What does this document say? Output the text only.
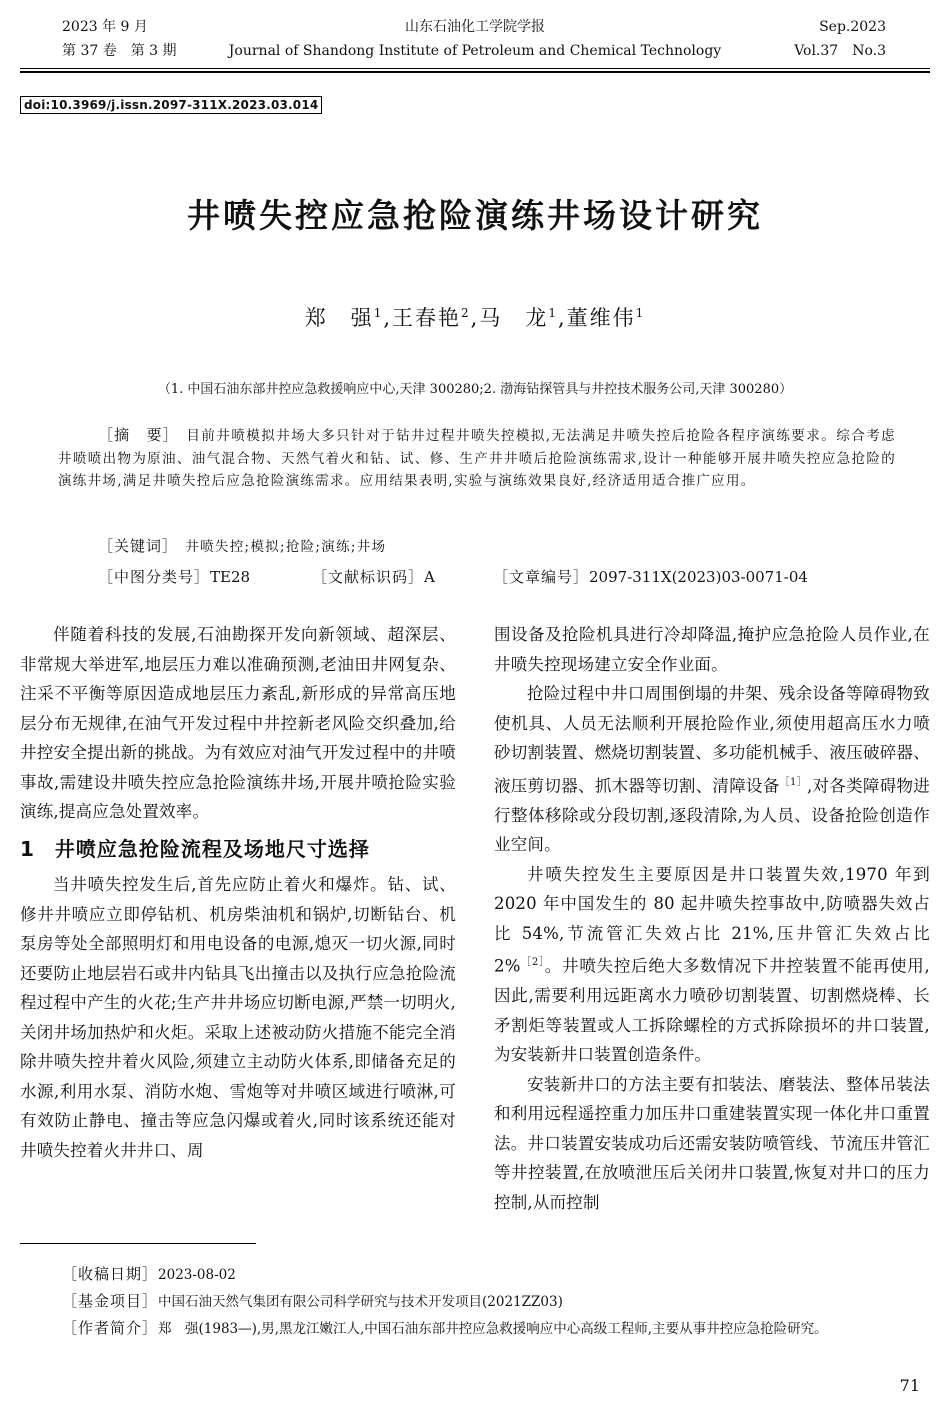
2023 年 9 月
第 37 卷　第 3 期
山东石油化工学院学报
Journal of Shandong Institute of Petroleum and Chemical Technology
Sep.2023
Vol.37　No.3
doi:10.3969/j.issn.2097-311X.2023.03.014
井喷失控应急抢险演练井场设计研究
郑　强$^1$,王春艳$^2$,马　龙$^1$,董维伟$^1$
（1. 中国石油东部井控应急救援响应中心,天津 300280;2. 渤海钻探管具与井控技术服务公司,天津 300280）
［摘　要］　 目前井喷模拟井场大多只针对于钻井过程井喷失控模拟,无法满足井喷失控后抢险各程序演练要求。综合考虑井喷喷出物为原油、油气混合物、天然气着火和钻、试、修、生产井井喷后抢险演练需求,设计一种能够开展井喷失控应急抢险的演练井场,满足井喷失控后应急抢险演练需求。应用结果表明,实验与演练效果良好,经济适用适合推广应用。
［关键词］　 井喷失控;模拟;抢险;演练;井场
［中图分类号］TE28	［文献标识码］A	［文章编号］2097-311X(2023)03-0071-04

伴随着科技的发展,石油勘探开发向新领域、超深层、非常规大举进军,地层压力难以准确预测,老油田井网复杂、注采不平衡等原因造成地层压力紊乱,新形成的异常高压地层分布无规律,在油气开发过程中井控新老风险交织叠加,给井控安全提出新的挑战。为有效应对油气开发过程中的井喷事故,需建设井喷失控应急抢险演练井场,开展井喷抢险实验演练,提高应急处置效率。

1 井喷应急抢险流程及场地尺寸选择

当井喷失控发生后,首先应防止着火和爆炸。钻、试、修井井喷应立即停钻机、机房柴油机和锅炉,切断钻台、机泵房等处全部照明灯和用电设备的电源,熄灭一切火源,同时还要防止地层岩石或井内钻具飞出撞击以及执行应急抢险流程过程中产生的火花;生产井井场应切断电源,严禁一切明火,关闭井场加热炉和火炬。采取上述被动防火措施不能完全消除井喷失控井着火风险,须建立主动防火体系,即储备充足的水源,利用水泵、消防水炮、雪炮等对井喷区域进行喷淋,可有效防止静电、撞击等应急闪爆或着火,同时该系统还能对井喷失控着火井井口、周

围设备及抢险机具进行冷却降温,掩护应急抢险人员作业,在井喷失控现场建立安全作业面。

抢险过程中井口周围倒塌的井架、残余设备等障碍物致使机具、人员无法顺利开展抢险作业,须使用超高压水力喷砂切割装置、燃烧切割装置、多功能机械手、液压破碎器、液压剪切器、抓木器等切割、清障设备$^{[1]}$,对各类障碍物进行整体移除或分段切割,逐段清除,为人员、设备抢险创造作业空间。

井喷失控发生主要原因是井口装置失效,1970 年到 2020 年中国发生的 80 起井喷失控事故中,防喷器失效占比 54%,节流管汇失效占比 21%,压井管汇失效占比 2%$^{[2]}$。井喷失控后绝大多数情况下井控装置不能再使用,因此,需要利用远距离水力喷砂切割装置、切割燃烧棒、长矛割炬等装置或人工拆除螺栓的方式拆除损坏的井口装置,为安装新井口装置创造条件。

安装新井口的方法主要有扣装法、磨装法、整体吊装法和利用远程遥控重力加压井口重建装置实现一体化井口重置法。井口装置安装成功后还需安装防喷管线、节流压井管汇等井控装置,在放喷泄压后关闭井口装置,恢复对井口的压力控制,从而控制

［收稿日期］2023-08-02
［基金项目］中国石油天然气集团有限公司科学研究与技术开发项目(2021ZZ03)
［作者简介］郑　强(1983—),男,黑龙江嫩江人,中国石油东部井控应急救援响应中心高级工程师,主要从事井控应急抢险研究。
71
